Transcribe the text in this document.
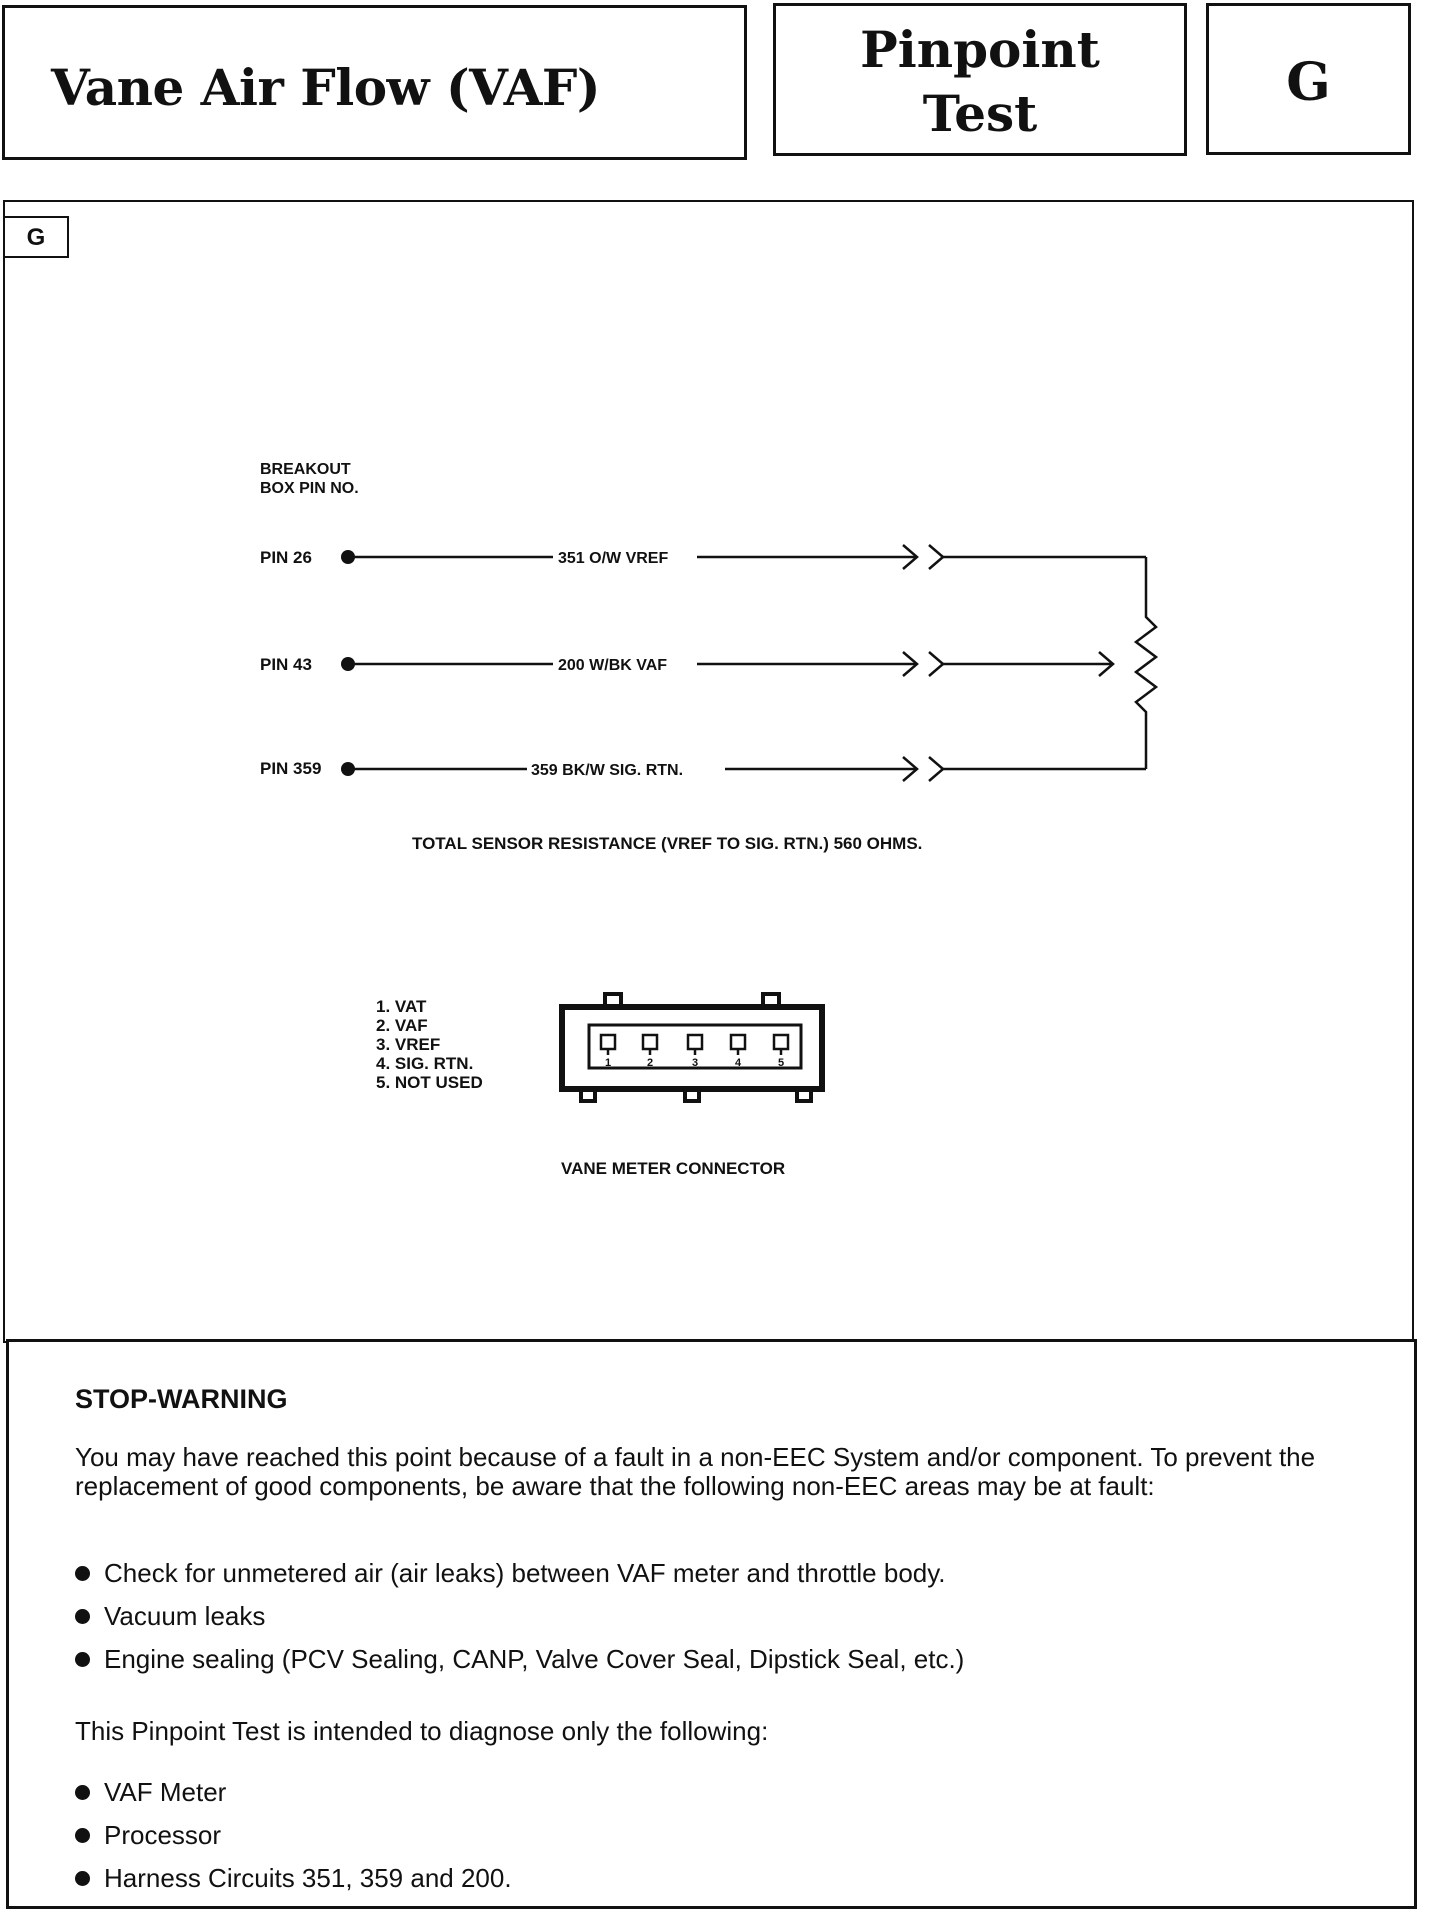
Vane Air Flow (VAF)
Pinpoint
Test
G
G
BREAKOUT
BOX PIN NO.
PIN 26	351 O/W VREF
PIN 43	200 W/BK VAF
PIN 359	359 BK/W SIG. RTN.
TOTAL SENSOR RESISTANCE (VREF TO SIG. RTN.) 560 OHMS.
1. VAT
2. VAF
3. VREF
4. SIG. RTN.
5. NOT USED
1	2	3	4	5
VANE METER CONNECTOR
STOP-WARNING
You may have reached this point because of a fault in a non-EEC System and/or component. To prevent the replacement of good components, be aware that the following non-EEC areas may be at fault:
Check for unmetered air (air leaks) between VAF meter and throttle body.
Vacuum leaks
Engine sealing (PCV Sealing, CANP, Valve Cover Seal, Dipstick Seal, etc.)
This Pinpoint Test is intended to diagnose only the following:
VAF Meter
Processor
Harness Circuits 351, 359 and 200.
